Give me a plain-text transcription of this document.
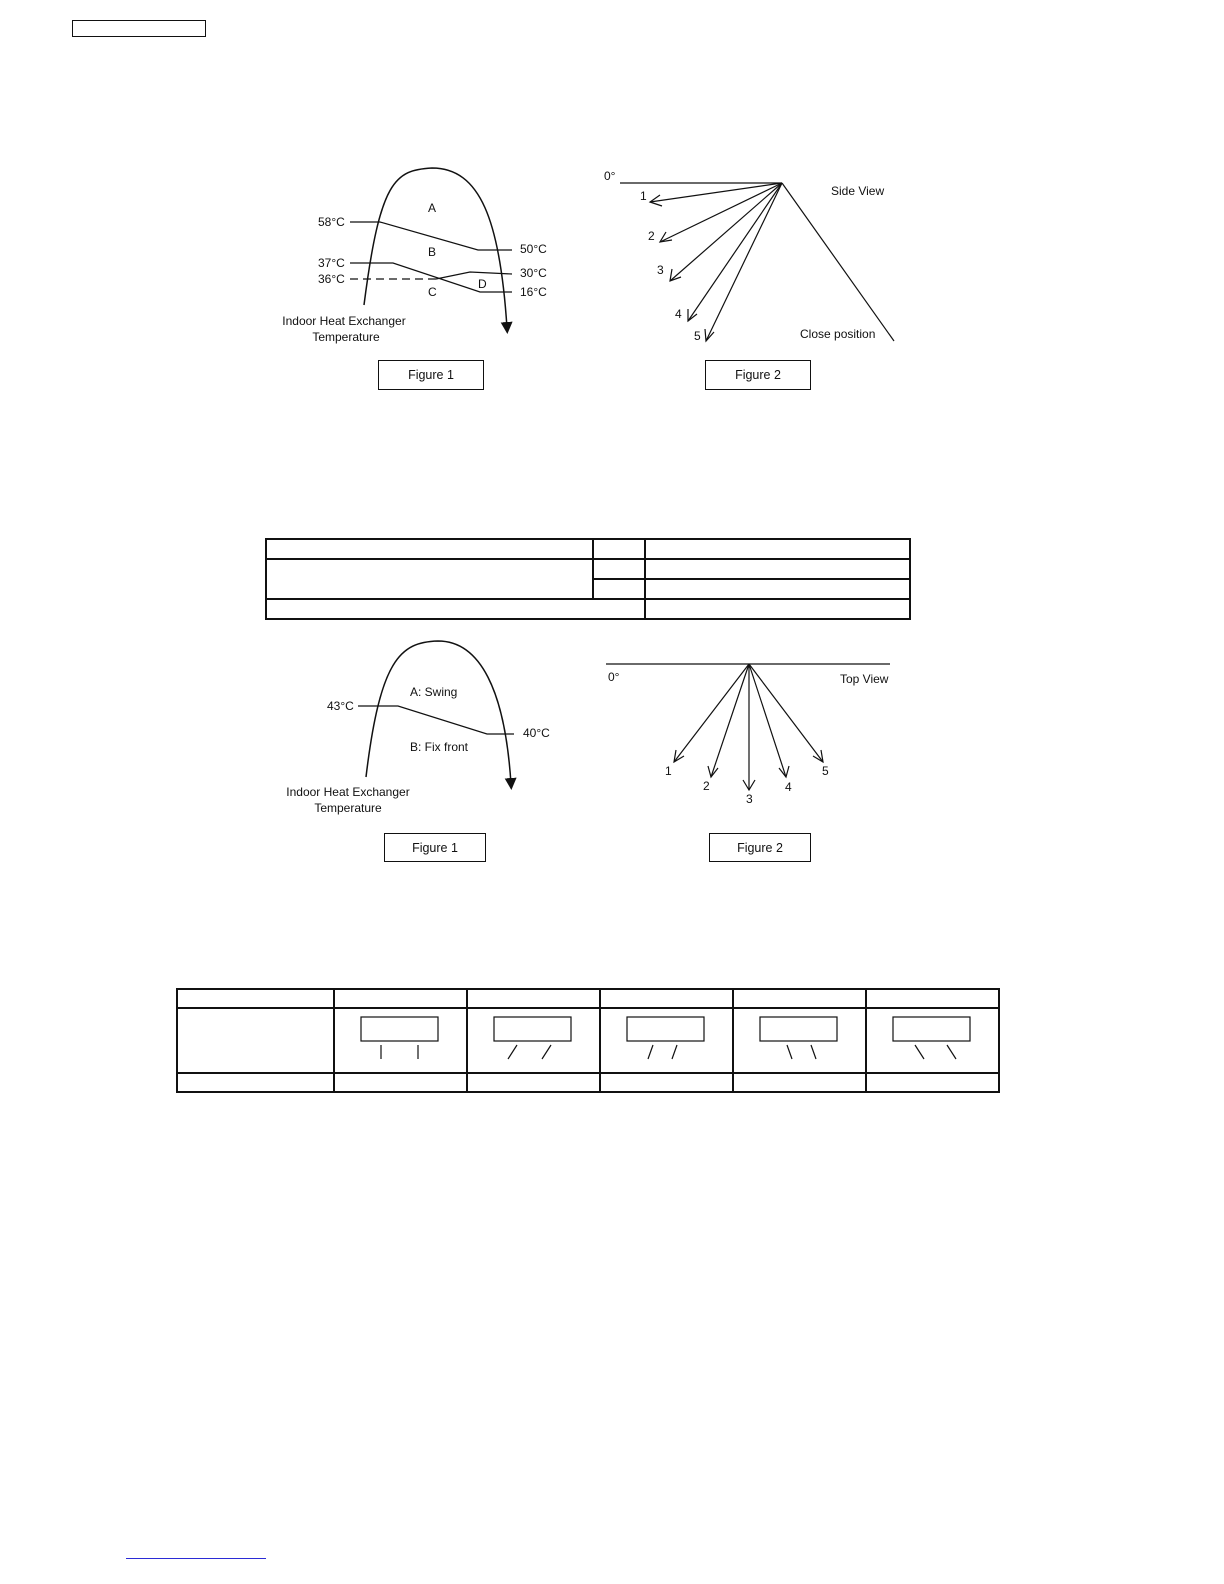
A
B
C
D
58°C
37°C
36°C
50°C
30°C
16°C
Indoor Heat Exchanger
Temperature
0°
Side View
Close position
1
2
3
4
5
43°C
40°C
A: Swing
B: Fix front
Indoor Heat Exchanger
Temperature
0°	Top View
1
2
3
4
5
Figure 1	Figure 2
Figure 1	Figure 2
